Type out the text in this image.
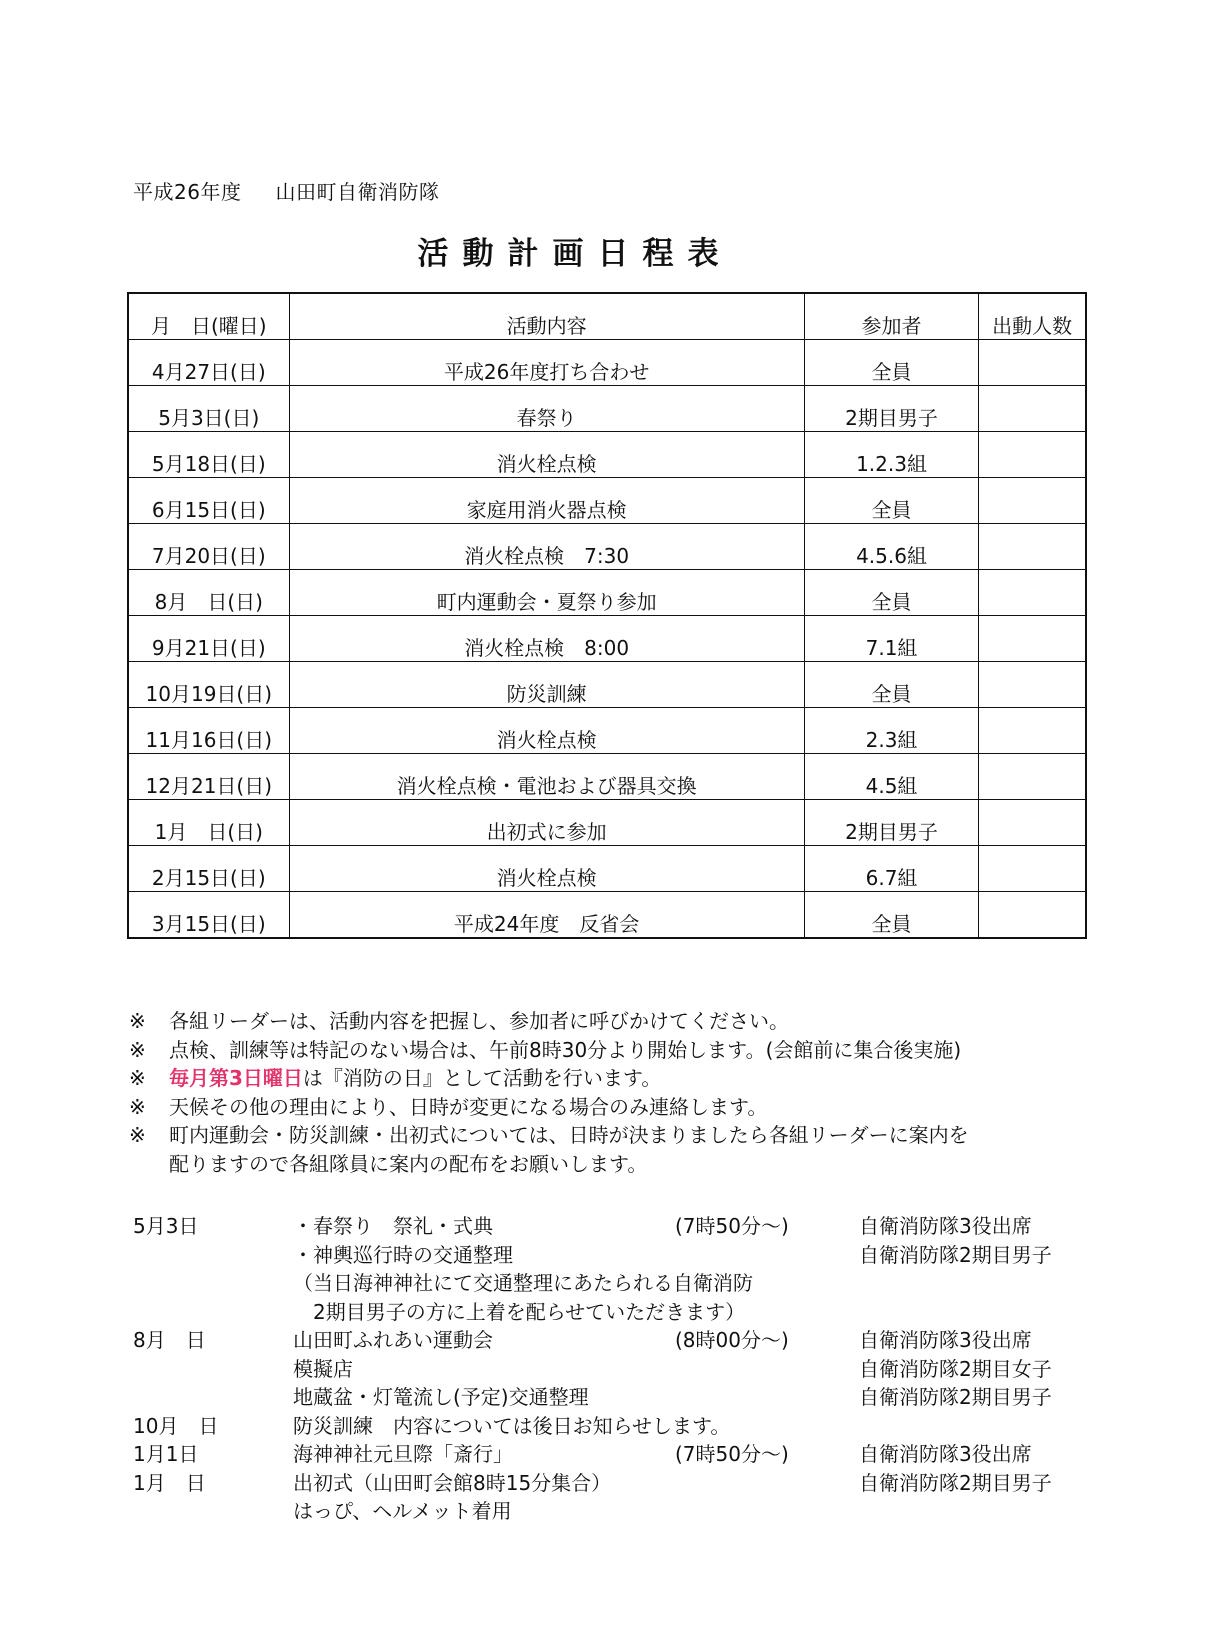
平成26年度 山田町自衛消防隊
活動計画日程表
月　日(曜日)	活動内容	参加者	出動人数
4月27日(日)	平成26年度打ち合わせ	全員	
5月3日(日)	春祭り	2期目男子	
5月18日(日)	消火栓点検	1.2.3組	
6月15日(日)	家庭用消火器点検	全員	
7月20日(日)	消火栓点検　7:30	4.5.6組	
8月　日(日)	町内運動会・夏祭り参加	全員	
9月21日(日)	消火栓点検　8:00	7.1組	
10月19日(日)	防災訓練	全員	
11月16日(日)	消火栓点検	2.3組	
12月21日(日)	消火栓点検・電池および器具交換	4.5組	
1月　日(日)	出初式に参加	2期目男子	
2月15日(日)	消火栓点検	6.7組	
3月15日(日)	平成24年度　反省会	全員	
※	各組リーダーは、活動内容を把握し、参加者に呼びかけてください。
※	点検、訓練等は特記のない場合は、午前8時30分より開始します。(会館前に集合後実施)
※	毎月第3日曜日は『消防の日』として活動を行います。
※	天候その他の理由により、日時が変更になる場合のみ連絡します。
※	町内運動会・防災訓練・出初式については、日時が決まりましたら各組リーダーに案内を
配りますので各組隊員に案内の配布をお願いします。
5月3日	・春祭り　祭礼・式典	(7時50分～)	自衛消防隊3役出席
・神輿巡行時の交通整理	自衛消防隊2期目男子
（当日海神神社にて交通整理にあたられる自衛消防
　2期目男子の方に上着を配らせていただきます）
8月　日	山田町ふれあい運動会	(8時00分～)	自衛消防隊3役出席
模擬店	自衛消防隊2期目女子
地蔵盆・灯篭流し(予定)交通整理	自衛消防隊2期目男子
10月　日	防災訓練　内容については後日お知らせします。
1月1日	海神神社元旦際「斎行」	(7時50分～)	自衛消防隊3役出席
1月　日	出初式（山田町会館8時15分集合）	自衛消防隊2期目男子
はっぴ、ヘルメット着用
